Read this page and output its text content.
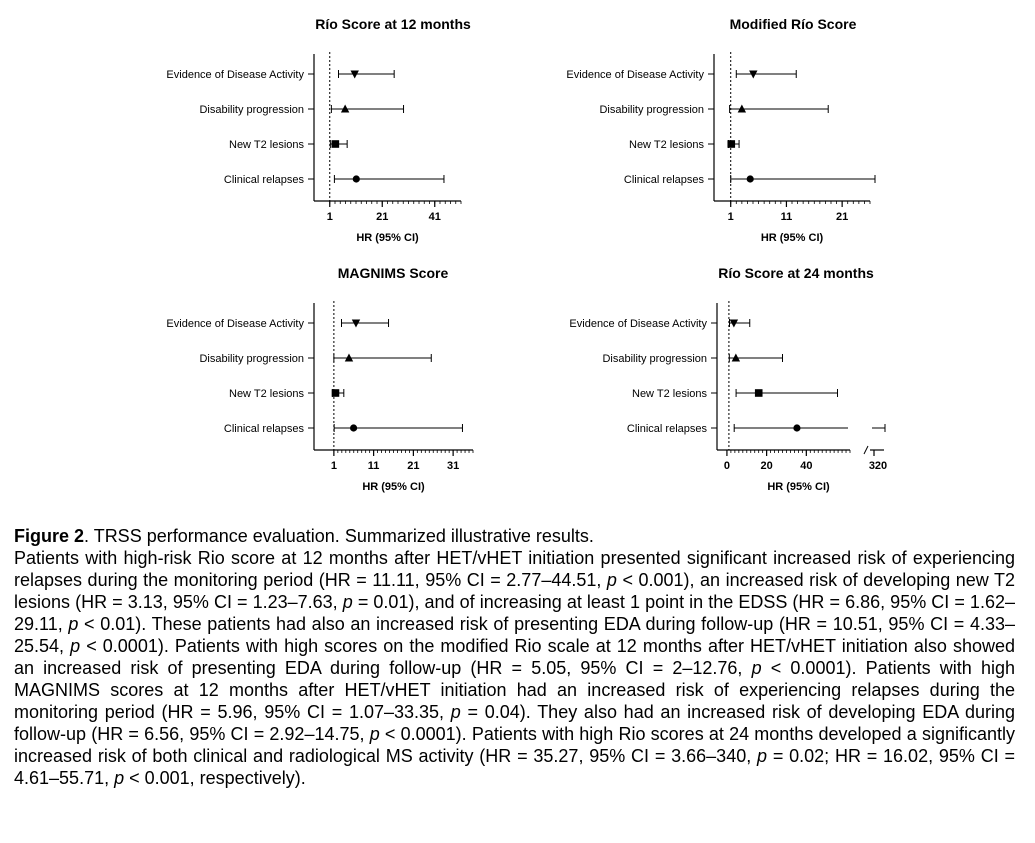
Río Score at 12 months
1	21	41
HR (95% CI)
Evidence of Disease Activity
Disability progression
New T2 lesions
Clinical relapses
Modified Río Score
1	11	21
HR (95% CI)
Evidence of Disease Activity
Disability progression
New T2 lesions
Clinical relapses
MAGNIMS Score
1	11	21	31
HR (95% CI)
Evidence of Disease Activity
Disability progression
New T2 lesions
Clinical relapses
Río Score at 24 months
0	20 40	320
HR (95% CI)
Evidence of Disease Activity
Disability progression
New T2 lesions
Clinical relapses

Figure 2. TRSS performance evaluation. Summarized illustrative results.

Patients with high-risk Rio score at 12 months after HET/vHET initiation presented significant increased risk of experiencing relapses during the monitoring period (HR = 11.11, 95% CI = 2.77–44.51, p < 0.001), an increased risk of developing new T2 lesions (HR = 3.13, 95% CI = 1.23–7.63, p = 0.01), and of increasing at least 1 point in the EDSS (HR = 6.86, 95% CI = 1.62–29.11, p < 0.01). These patients had also an increased risk of presenting EDA during follow-up (HR = 10.51, 95% CI = 4.33–25.54, p < 0.0001). Patients with high scores on the modified Rio scale at 12 months after HET/vHET initiation also showed an increased risk of presenting EDA during follow-up (HR = 5.05, 95% CI = 2–12.76, p < 0.0001). Patients with high MAGNIMS scores at 12 months after HET/vHET initiation had an increased risk of experiencing relapses during the monitoring period (HR = 5.96, 95% CI = 1.07–33.35, p = 0.04). They also had an increased risk of developing EDA during follow-up (HR = 6.56, 95% CI = 2.92–14.75, p < 0.0001). Patients with high Rio scores at 24 months developed a significantly increased risk of both clinical and radiological MS activity (HR = 35.27, 95% CI = 3.66–340, p = 0.02; HR = 16.02, 95% CI = 4.61–55.71, p < 0.001, respectively).
